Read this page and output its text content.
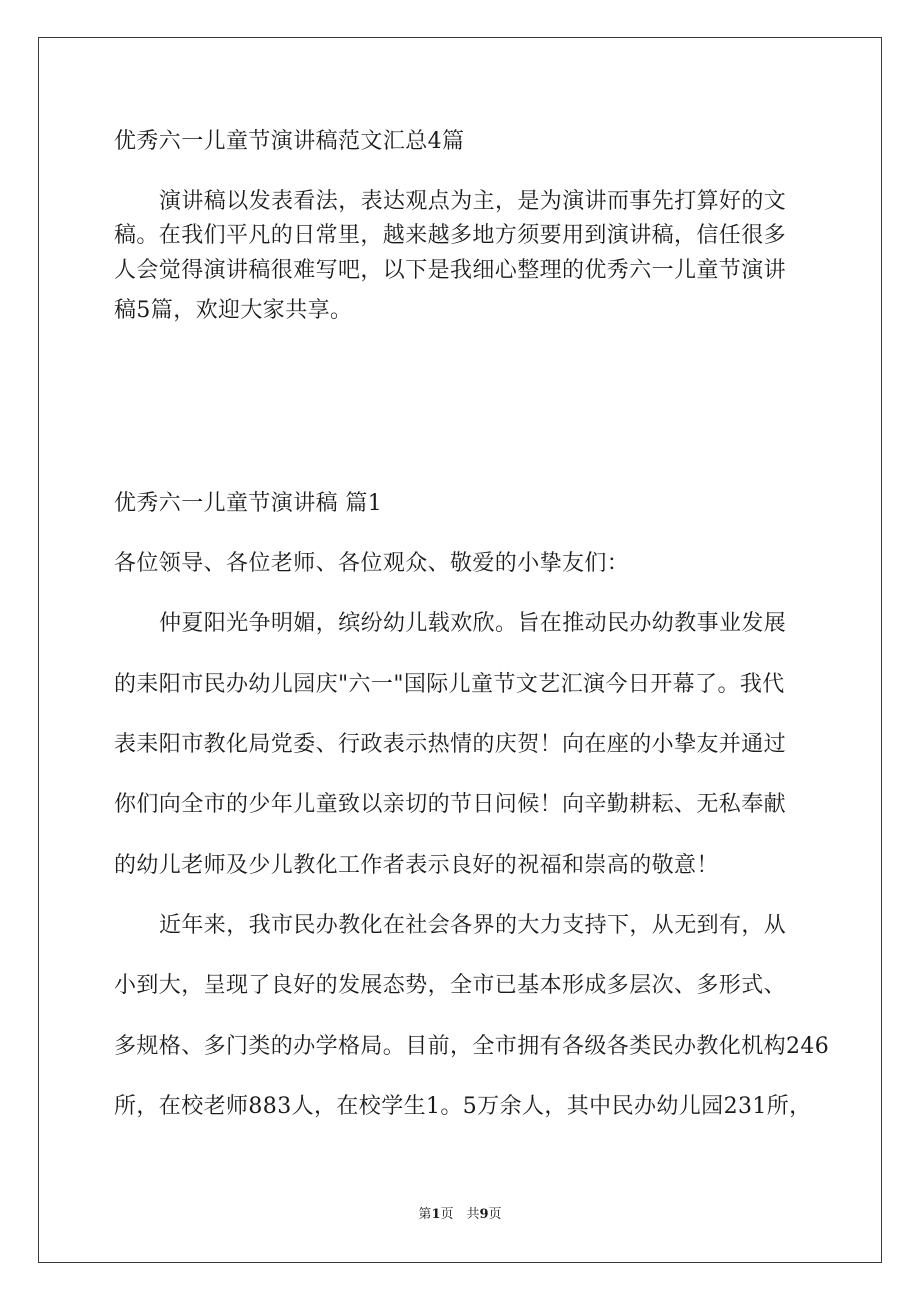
优秀六一儿童节演讲稿范文汇总4篇

演讲稿以发表看法，表达观点为主，是为演讲而事先打算好的文

稿。在我们平凡的日常里，越来越多地方须要用到演讲稿，信任很多

人会觉得演讲稿很难写吧，以下是我细心整理的优秀六一儿童节演讲

稿5篇，欢迎大家共享。

优秀六一儿童节演讲稿 篇1

各位领导、各位老师、各位观众、敬爱的小挚友们：

仲夏阳光争明媚，缤纷幼儿载欢欣。旨在推动民办幼教事业发展

的耒阳市民办幼儿园庆"六一"国际儿童节文艺汇演今日开幕了。我代

表耒阳市教化局党委、行政表示热情的庆贺！向在座的小挚友并通过

你们向全市的少年儿童致以亲切的节日问候！向辛勤耕耘、无私奉献

的幼儿老师及少儿教化工作者表示良好的祝福和崇高的敬意！

近年来，我市民办教化在社会各界的大力支持下，从无到有，从

小到大，呈现了良好的发展态势，全市已基本形成多层次、多形式、

多规格、多门类的办学格局。目前，全市拥有各级各类民办教化机构246

所，在校老师883人，在校学生1。5万余人，其中民办幼儿园231所，

第1页　共9页
